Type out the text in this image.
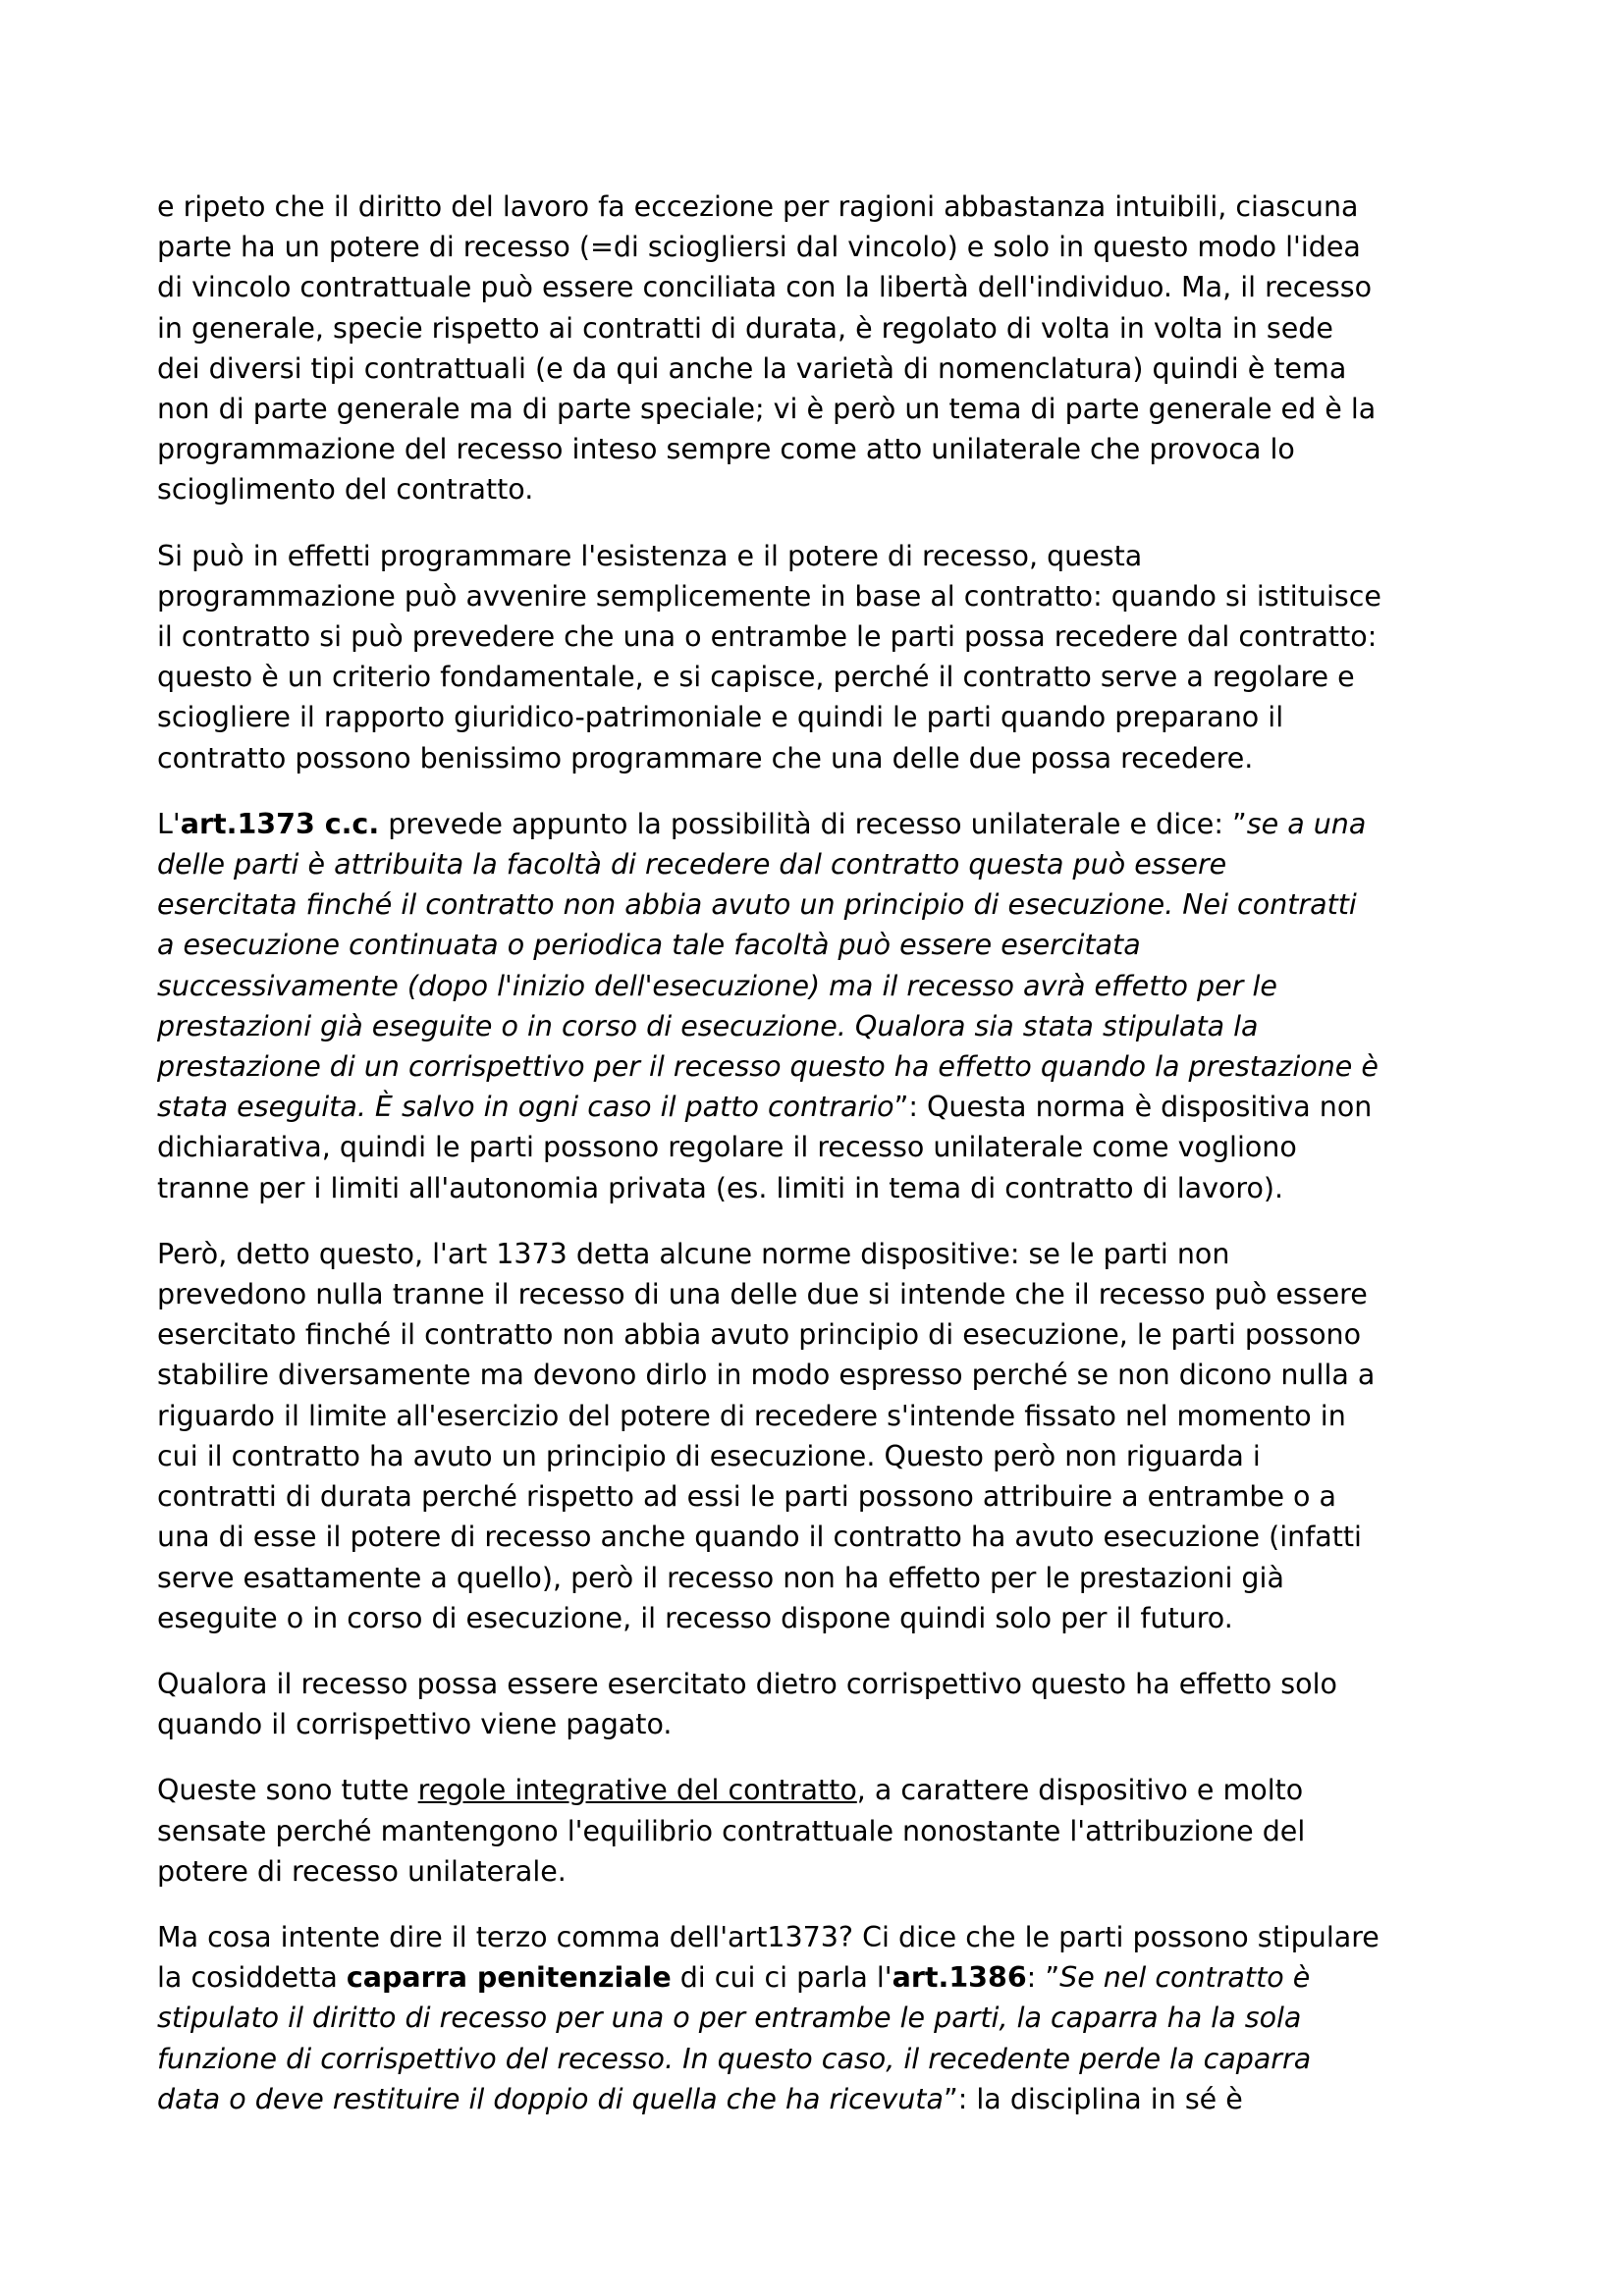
e ripeto che il diritto del lavoro fa eccezione per ragioni abbastanza intuibili, ciascuna
parte ha un potere di recesso (=di sciogliersi dal vincolo) e solo in questo modo l'idea
di vincolo contrattuale può essere conciliata con la libertà dell'individuo. Ma, il recesso
in generale, specie rispetto ai contratti di durata, è regolato di volta in volta in sede
dei diversi tipi contrattuali (e da qui anche la varietà di nomenclatura) quindi è tema
non di parte generale ma di parte speciale; vi è però un tema di parte generale ed è la
programmazione del recesso inteso sempre come atto unilaterale che provoca lo
scioglimento del contratto.

Si può in effetti programmare l'esistenza e il potere di recesso, questa
programmazione può avvenire semplicemente in base al contratto: quando si istituisce
il contratto si può prevedere che una o entrambe le parti possa recedere dal contratto:
questo è un criterio fondamentale, e si capisce, perché il contratto serve a regolare e
sciogliere il rapporto giuridico-patrimoniale e quindi le parti quando preparano il
contratto possono benissimo programmare che una delle due possa recedere.

L'art.1373 c.c. prevede appunto la possibilità di recesso unilaterale e dice: ”se a una
delle parti è attribuita la facoltà di recedere dal contratto questa può essere
esercitata finché il contratto non abbia avuto un principio di esecuzione. Nei contratti
a esecuzione continuata o periodica tale facoltà può essere esercitata
successivamente (dopo l'inizio dell'esecuzione) ma il recesso avrà effetto per le
prestazioni già eseguite o in corso di esecuzione. Qualora sia stata stipulata la
prestazione di un corrispettivo per il recesso questo ha effetto quando la prestazione è
stata eseguita. È salvo in ogni caso il patto contrario”: Questa norma è dispositiva non
dichiarativa, quindi le parti possono regolare il recesso unilaterale come vogliono
tranne per i limiti all'autonomia privata (es. limiti in tema di contratto di lavoro).

Però, detto questo, l'art 1373 detta alcune norme dispositive: se le parti non
prevedono nulla tranne il recesso di una delle due si intende che il recesso può essere
esercitato finché il contratto non abbia avuto principio di esecuzione, le parti possono
stabilire diversamente ma devono dirlo in modo espresso perché se non dicono nulla a
riguardo il limite all'esercizio del potere di recedere s'intende fissato nel momento in
cui il contratto ha avuto un principio di esecuzione. Questo però non riguarda i
contratti di durata perché rispetto ad essi le parti possono attribuire a entrambe o a
una di esse il potere di recesso anche quando il contratto ha avuto esecuzione (infatti
serve esattamente a quello), però il recesso non ha effetto per le prestazioni già
eseguite o in corso di esecuzione, il recesso dispone quindi solo per il futuro.

Qualora il recesso possa essere esercitato dietro corrispettivo questo ha effetto solo
quando il corrispettivo viene pagato.

Queste sono tutte regole integrative del contratto, a carattere dispositivo e molto
sensate perché mantengono l'equilibrio contrattuale nonostante l'attribuzione del
potere di recesso unilaterale.

Ma cosa intente dire il terzo comma dell'art1373? Ci dice che le parti possono stipulare
la cosiddetta caparra penitenziale di cui ci parla l'art.1386: ”Se nel contratto è
stipulato il diritto di recesso per una o per entrambe le parti, la caparra ha la sola
funzione di corrispettivo del recesso. In questo caso, il recedente perde la caparra
data o deve restituire il doppio di quella che ha ricevuta”: la disciplina in sé è
